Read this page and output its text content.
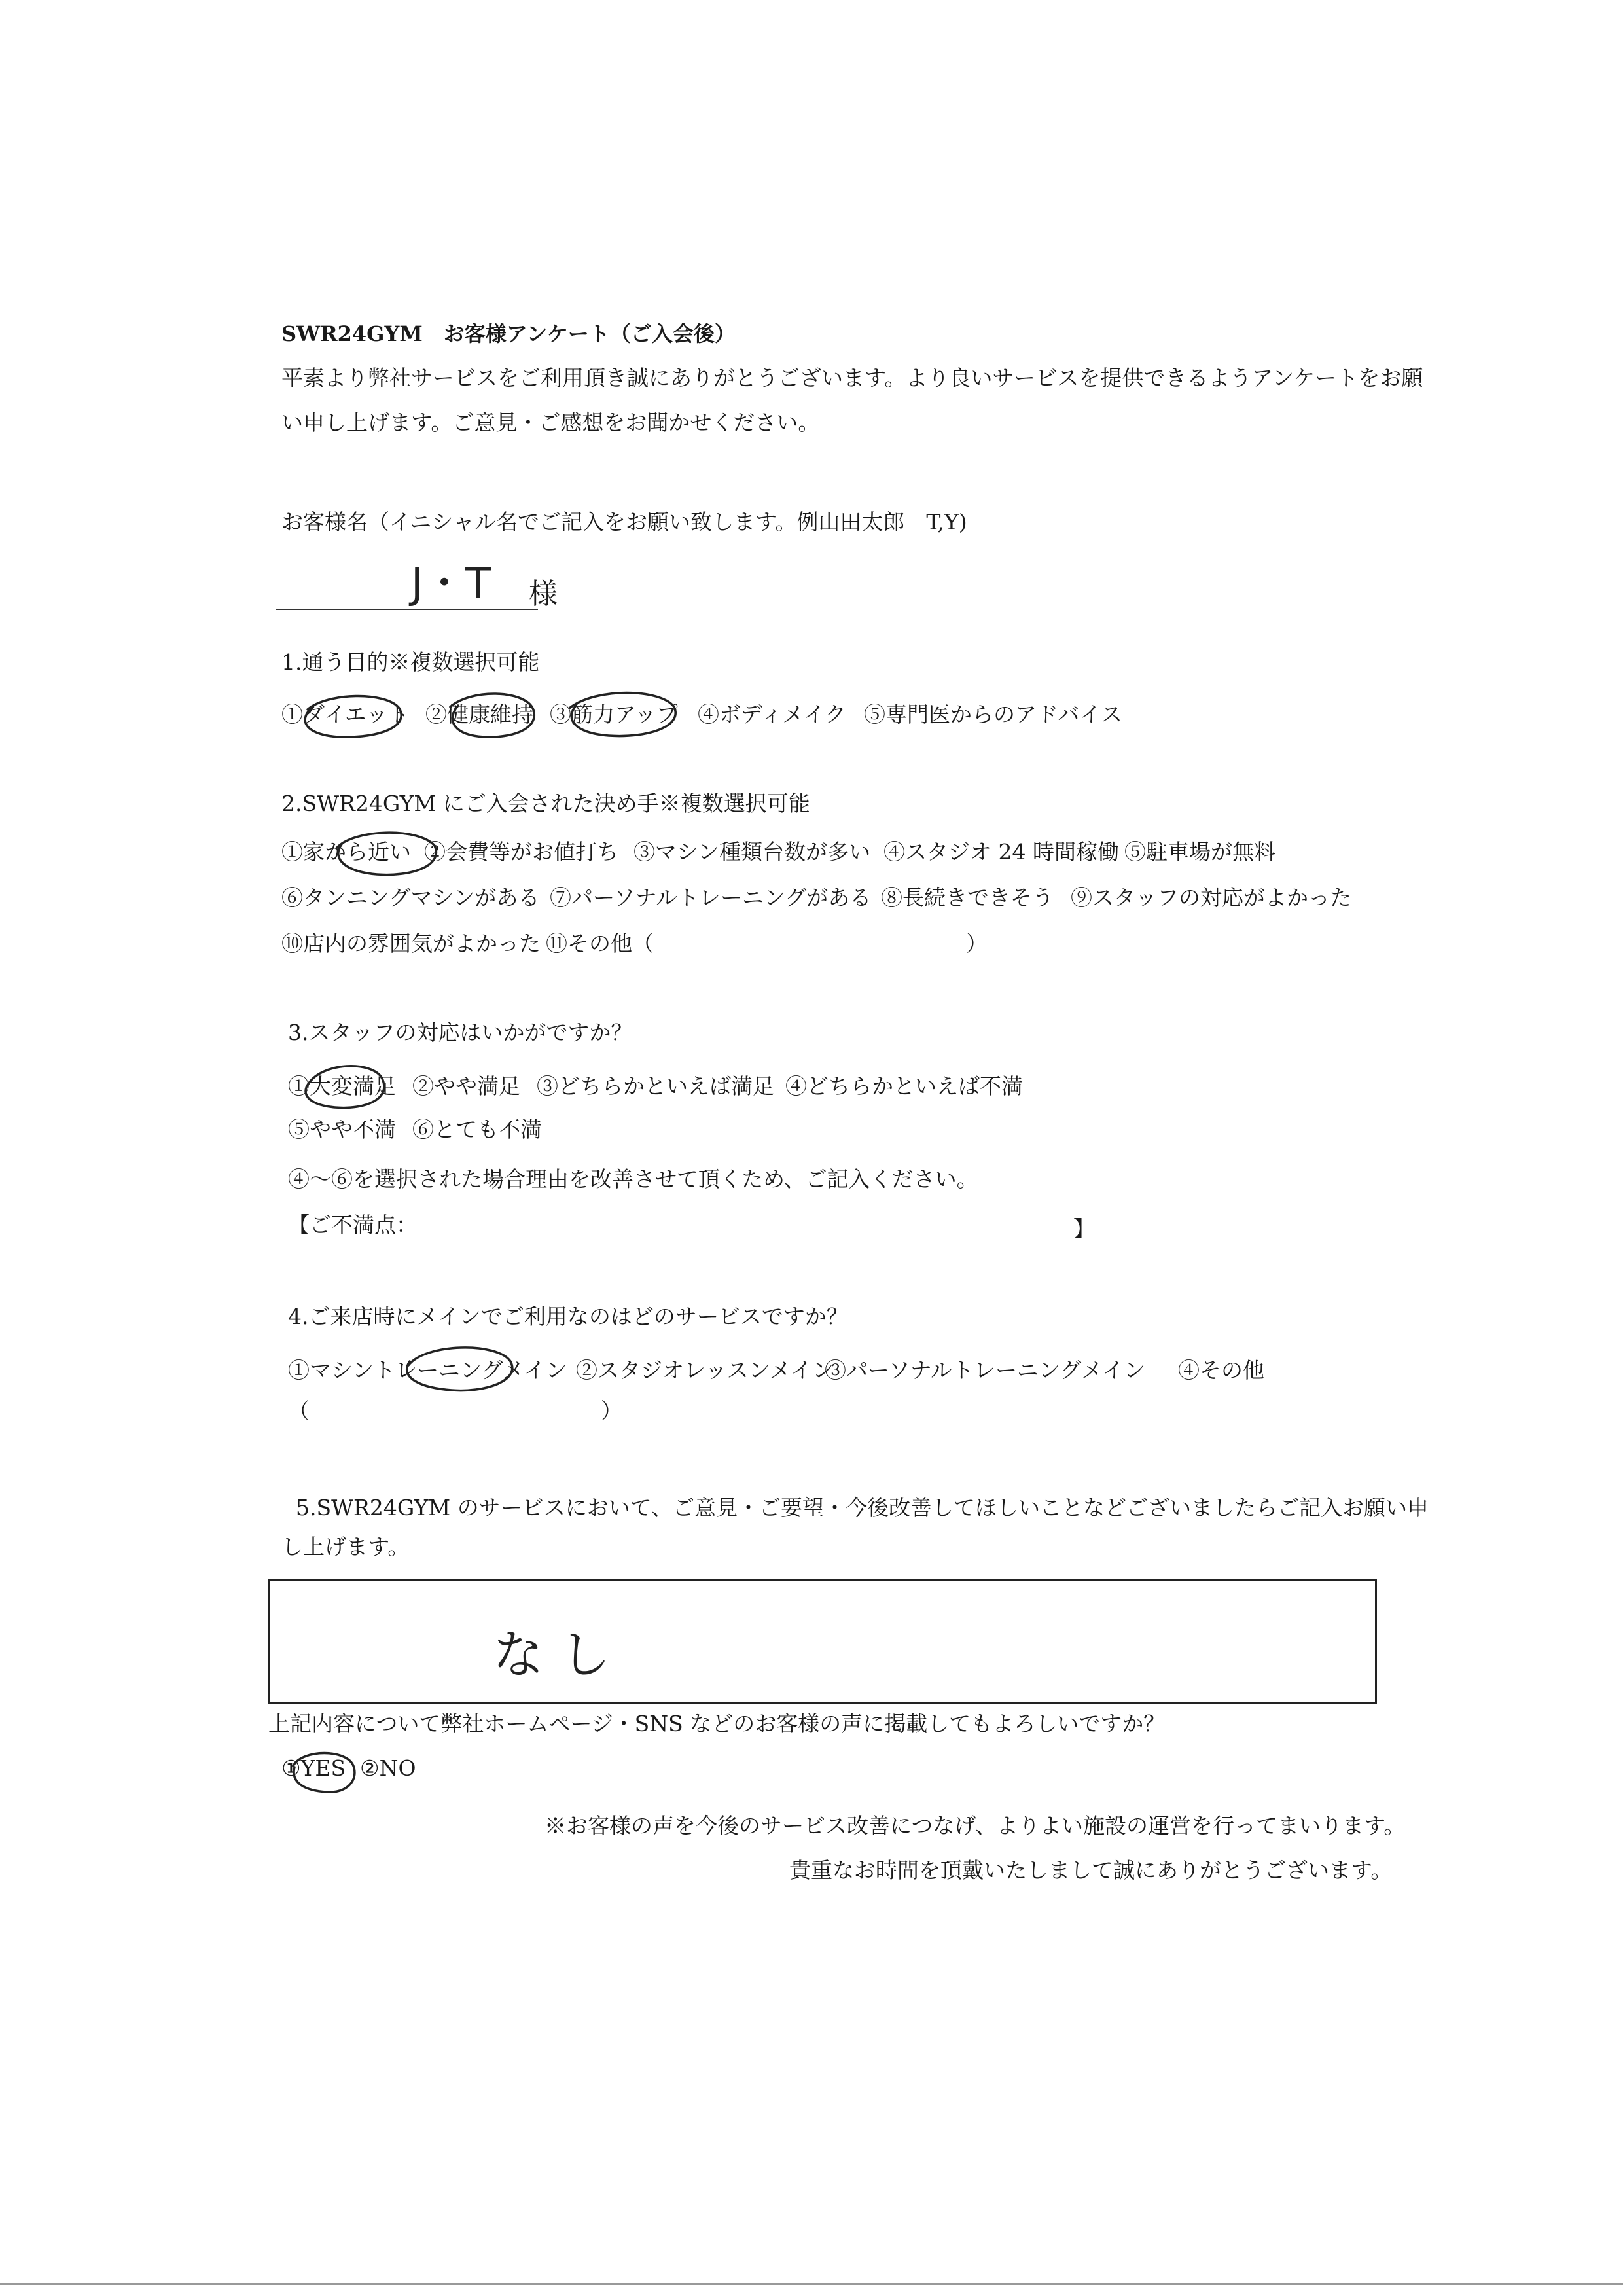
SWR24GYM　お客様アンケート（ご入会後）
平素より弊社サービスをご利用頂き誠にありがとうございます。より良いサービスを提供できるようアンケートをお願
い申し上げます。ご意見・ご感想をお聞かせください。
お客様名（イニシャル名でご記入をお願い致します。例山田太郎　T,Y)
J・T 様
1.通う目的※複数選択可能
①ダイエット ②健康維持 ③筋力アップ ④ボディメイク ⑤専門医からのアドバイス
2.SWR24GYM にご入会された決め手※複数選択可能
①家から近い ②会費等がお値打ち ③マシン種類台数が多い ④スタジオ 24 時間稼働 ⑤駐車場が無料
⑥タンニングマシンがある ⑦パーソナルトレーニングがある ⑧長続きできそう ⑨スタッフの対応がよかった
⑩店内の雰囲気がよかった ⑪その他（	）
3.スタッフの対応はいかがですか？
①大変満足 ②やや満足 ③どちらかといえば満足 ④どちらかといえば不満
⑤やや不満 ⑥とても不満
④～⑥を選択された場合理由を改善させて頂くため、ご記入ください。
【ご不満点：	】
4.ご来店時にメインでご利用なのはどのサービスですか？
①マシントレーニングメイン ②スタジオレッスンメイン
③パーソナルトレーニングメイン ④その他
（	）
5.SWR24GYM のサービスにおいて、ご意見・ご要望・今後改善してほしいことなどございましたらご記入お願い申
し上げます。
なし
上記内容について弊社ホームページ・SNS などのお客様の声に掲載してもよろしいですか？
①YES ②NO
※お客様の声を今後のサービス改善につなげ、よりよい施設の運営を行ってまいります。
貴重なお時間を頂戴いたしまして誠にありがとうございます。
